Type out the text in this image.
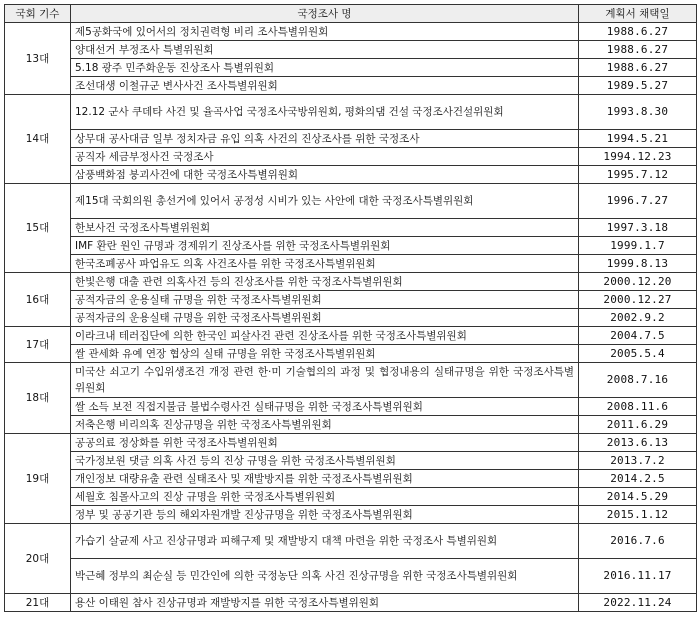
국회 기수	국정조사 명	계획서 채택일
13대	제5공화국에 있어서의 정치권력형 비리 조사특별위원회	1988.6.27
	양대선거 부정조사 특별위원회	1988.6.27
	5.18 광주 민주화운동 진상조사 특별위원회	1988.6.27
	조선대생 이철규군 변사사건 조사특별위원회	1989.5.27
14대	12.12 군사 쿠데타 사건 및 율곡사업 국정조사국방위원회, 평화의댐 건설 국정조사건설위원회	1993.8.30
	상무대 공사대금 일부 정치자금 유입 의혹 사건의 진상조사를 위한 국정조사	1994.5.21
	공직자 세금부정사건 국정조사	1994.12.23
	삼풍백화점 붕괴사건에 대한 국정조사특별위원회	1995.7.12
15대	제15대 국회의원 총선거에 있어서 공정성 시비가 있는 사안에 대한 국정조사특별위원회	1996.7.27
	한보사건 국정조사특별위원회	1997.3.18
	IMF 환란 원인 규명과 경제위기 진상조사를 위한 국정조사특별위원회	1999.1.7
	한국조폐공사 파업유도 의혹 사건조사를 위한 국정조사특별위원회	1999.8.13
16대	한빛은행 대출 관련 의혹사건 등의 진상조사를 위한 국정조사특별위원회	2000.12.20
	공적자금의 운용실태 규명을 위한 국정조사특별위원회	2000.12.27
	공적자금의 운용실태 규명을 위한 국정조사특별위원회	2002.9.2
17대	이라크내 테러집단에 의한 한국인 피살사건 관련 진상조사를 위한 국정조사특별위원회	2004.7.5
	쌀 관세화 유예 연장 협상의 실태 규명을 위한 국정조사특별위원회	2005.5.4
18대	미국산 쇠고기 수입위생조건 개정 관련 한·미 기술협의의 과정 및 협정내용의 실태규명을 위한 국정조사특별위원회	2008.7.16
	쌀 소득 보전 직접지불금 불법수령사건 실태규명을 위한 국정조사특별위원회	2008.11.6
	저축은행 비리의혹 진상규명을 위한 국정조사특별위원회	2011.6.29
19대	공공의료 정상화를 위한 국정조사특별위원회	2013.6.13
	국가정보원 댓글 의혹 사건 등의 진상 규명을 위한 국정조사특별위원회	2013.7.2
	개인정보 대량유출 관련 실태조사 및 재발방지를 위한 국정조사특별위원회	2014.2.5
	세월호 침몰사고의 진상 규명을 위한 국정조사특별위원회	2014.5.29
	정부 및 공공기관 등의 해외자원개발 진상규명을 위한 국정조사특별위원회	2015.1.12
20대	가습기 살균제 사고 진상규명과 피해구제 및 재발방지 대책 마련을 위한 국정조사 특별위원회	2016.7.6
	박근혜 정부의 최순실 등 민간인에 의한 국정농단 의혹 사건 진상규명을 위한 국정조사특별위원회	2016.11.17
21대	용산 이태원 참사 진상규명과 재발방지를 위한 국정조사특별위원회	2022.11.24
